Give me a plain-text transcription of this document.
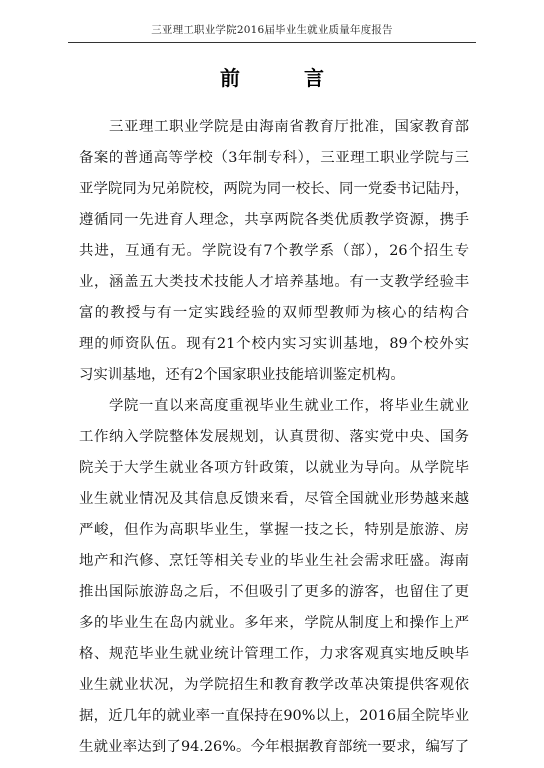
三亚理工职业学院2016届毕业生就业质量年度报告
前　言
三亚理工职业学院是由海南省教育厅批准，国家教育部
备案的普通高等学校（3年制专科），三亚理工职业学院与三
亚学院同为兄弟院校，两院为同一校长、同一党委书记陆丹，
遵循同一先进育人理念，共享两院各类优质教学资源，携手
共进，互通有无。学院设有7个教学系（部），26个招生专
业，涵盖五大类技术技能人才培养基地。有一支教学经验丰
富的教授与有一定实践经验的双师型教师为核心的结构合
理的师资队伍。现有21个校内实习实训基地，89个校外实
习实训基地，还有2个国家职业技能培训鉴定机构。
学院一直以来高度重视毕业生就业工作，将毕业生就业
工作纳入学院整体发展规划，认真贯彻、落实党中央、国务
院关于大学生就业各项方针政策，以就业为导向。从学院毕
业生就业情况及其信息反馈来看，尽管全国就业形势越来越
严峻，但作为高职毕业生，掌握一技之长，特别是旅游、房
地产和汽修、烹饪等相关专业的毕业生社会需求旺盛。海南
推出国际旅游岛之后，不但吸引了更多的游客，也留住了更
多的毕业生在岛内就业。多年来，学院从制度上和操作上严
格、规范毕业生就业统计管理工作，力求客观真实地反映毕
业生就业状况，为学院招生和教育教学改革决策提供客观依
据，近几年的就业率一直保持在90%以上，2016届全院毕业
生就业率达到了94.26%。今年根据教育部统一要求，编写了
